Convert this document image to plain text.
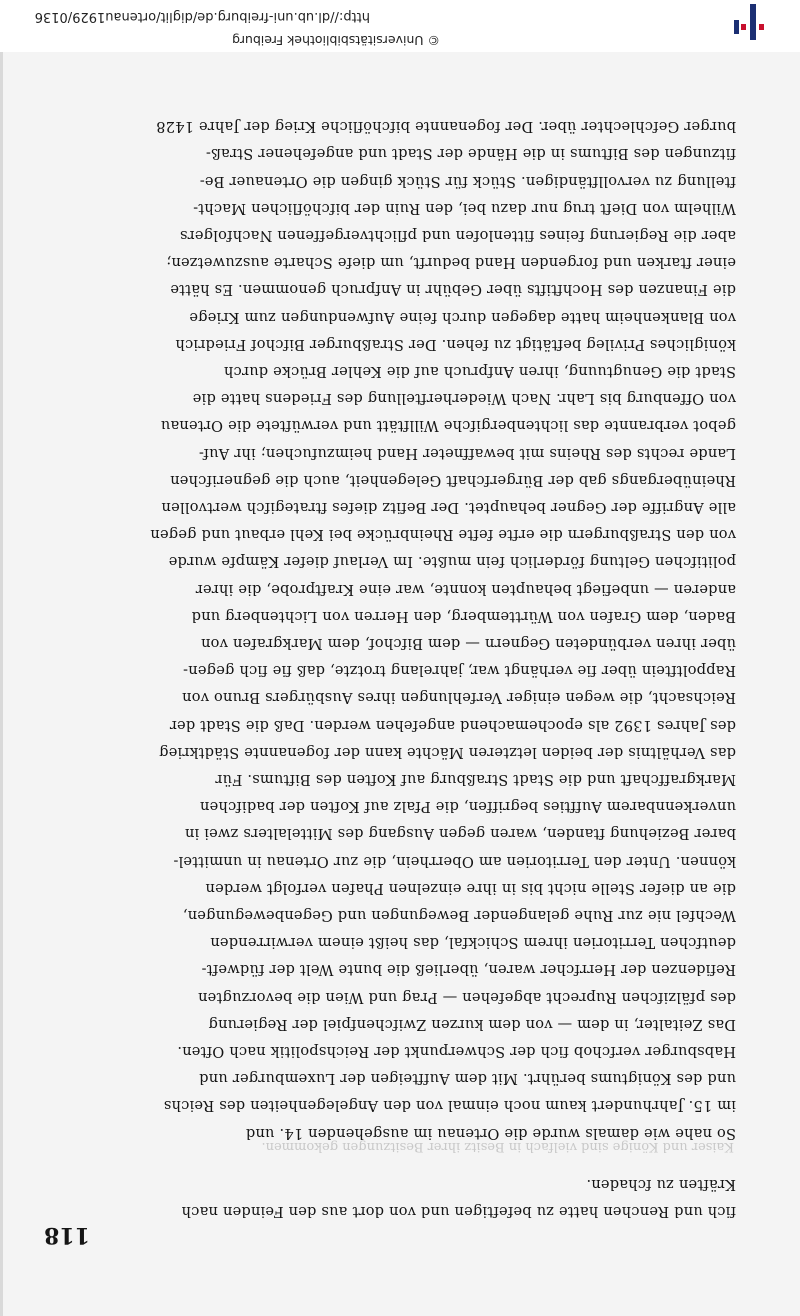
118
fich und Renchen hatte zu befeftigen und von dort aus den Feinden nach
Kräften zu fchaden.
So nahe wie damals wurde die Ortenau im ausgehenden 14. und
im 15. Jahrhundert kaum noch einmal von den Angelegenheiten des Reichs
und des Königtums berührt. Mit dem Auffteigen der Luxemburger und
Habsburger verfchob fich der Schwerpunkt der Reichspolitik nach Often.
Das Zeitalter, in dem — von dem kurzen Zwifchenfpiel der Regierung
des pfälzifchen Ruprecht abgefehen — Prag und Wien die bevorzugten
Refidenzen der Herrfcher waren, überließ die bunte Welt der füdweft-
deutfchen Territorien ihrem Schickfal, das heißt einem verwirrenden
Wechfel nie zur Ruhe gelangender Bewegungen und Gegenbewegungen,
die an diefer Stelle nicht bis in ihre einzelnen Phafen verfolgt werden
können. Unter den Territorien am Oberrhein, die zur Ortenau in unmittel-
barer Beziehung ftanden, waren gegen Ausgang des Mittelalters zwei in
unverkennbarem Auffties begriffen, die Pfalz auf Koften der badifchen
Markgraffchaft und die Stadt Straßburg auf Koften des Biftums. Für
das Verhältnis der beiden letzteren Mächte kann der fogenannte Städtkrieg
des Jahres 1392 als epochemachend angefehen werden. Daß die Stadt der
Reichsacht, die wegen einiger Verfehlungen ihres Ausbürgers Bruno von
Rappoltftein über fie verhängt war, jahrelang trotzte, daß fie fich gegen-
über ihren verbündeten Gegnern — dem Bifchof, dem Markgrafen von
Baden, dem Grafen von Württemberg, den Herren von Lichtenberg und
anderen — unbefiegt behaupten konnte, war eine Kraftprobe, die ihrer
politifchen Geltung förderlich fein mußte. Im Verlauf diefer Kämpfe wurde
von den Straßburgern die erfte fefte Rheinbrücke bei Kehl erbaut und gegen
alle Angriffe der Gegner behauptet. Der Befitz diefes ftrategifch wertvollen
Rheinübergangs gab der Bürgerfchaft Gelegenheit, auch die gegnerifchen
Lande rechts des Rheins mit bewaffneter Hand heimzufuchen; ihr Auf-
gebot verbrannte das lichtenbergifche Willftätt und verwüftete die Ortenau
von Offenburg bis Lahr. Nach Wiederherftellung des Friedens hatte die
Stadt die Genugtuung, ihren Anfpruch auf die Kehler Brücke durch
königliches Privileg beftätigt zu fehen. Der Straßburger Bifchof Friedrich
von Blankenheim hatte dagegen durch feine Aufwendungen zum Kriege
die Finanzen des Hochftifts über Gebühr in Anfpruch genommen. Es hätte
einer ftarken und forgenden Hand bedurft, um diefe Scharte auszuwetzen;
aber die Regierung feines fittenlofen und pflichtvergeffenen Nachfolgers
Wilhelm von Dieft trug nur dazu bei, den Ruin der bifchöflichen Macht-
ftellung zu vervollftändigen. Stück für Stück gingen die Ortenauer Be-
fitzungen des Biftums in die Hände der Stadt und angefehener Straß-
burger Gefchlechter über. Der fogenannte bifchöfliche Krieg der Jahre 1428
Kaiser und Könige sind vielfach in Besitz ihrer Besitzungen gekommen.
http://dl.ub.uni-freiburg.de/diglit/ortenau1929/0136
© Universitätsbibliothek Freiburg
